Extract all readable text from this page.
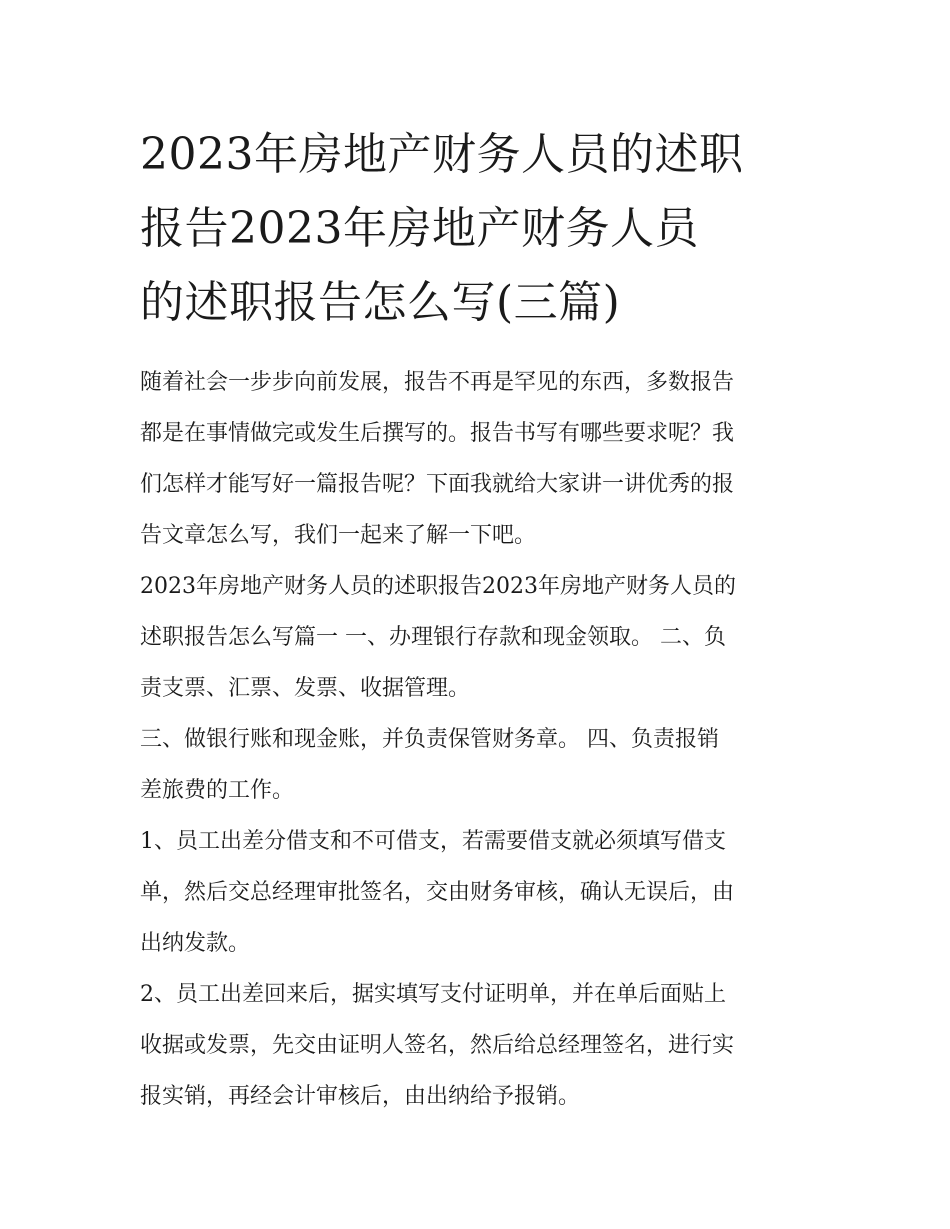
2023年房地产财务人员的述职
报告2023年房地产财务人员
的述职报告怎么写(三篇)

随着社会一步步向前发展，报告不再是罕见的东西，多数报告
都是在事情做完或发生后撰写的。报告书写有哪些要求呢？我
们怎样才能写好一篇报告呢？下面我就给大家讲一讲优秀的报
告文章怎么写，我们一起来了解一下吧。

2023年房地产财务人员的述职报告2023年房地产财务人员的
述职报告怎么写篇一 一、办理银行存款和现金领取。 二、负
责支票、汇票、发票、收据管理。

三、做银行账和现金账，并负责保管财务章。 四、负责报销
差旅费的工作。

1、员工出差分借支和不可借支，若需要借支就必须填写借支
单，然后交总经理审批签名，交由财务审核，确认无误后，由
出纳发款。

2、员工出差回来后，据实填写支付证明单，并在单后面贴上
收据或发票，先交由证明人签名，然后给总经理签名，进行实
报实销，再经会计审核后，由出纳给予报销。
